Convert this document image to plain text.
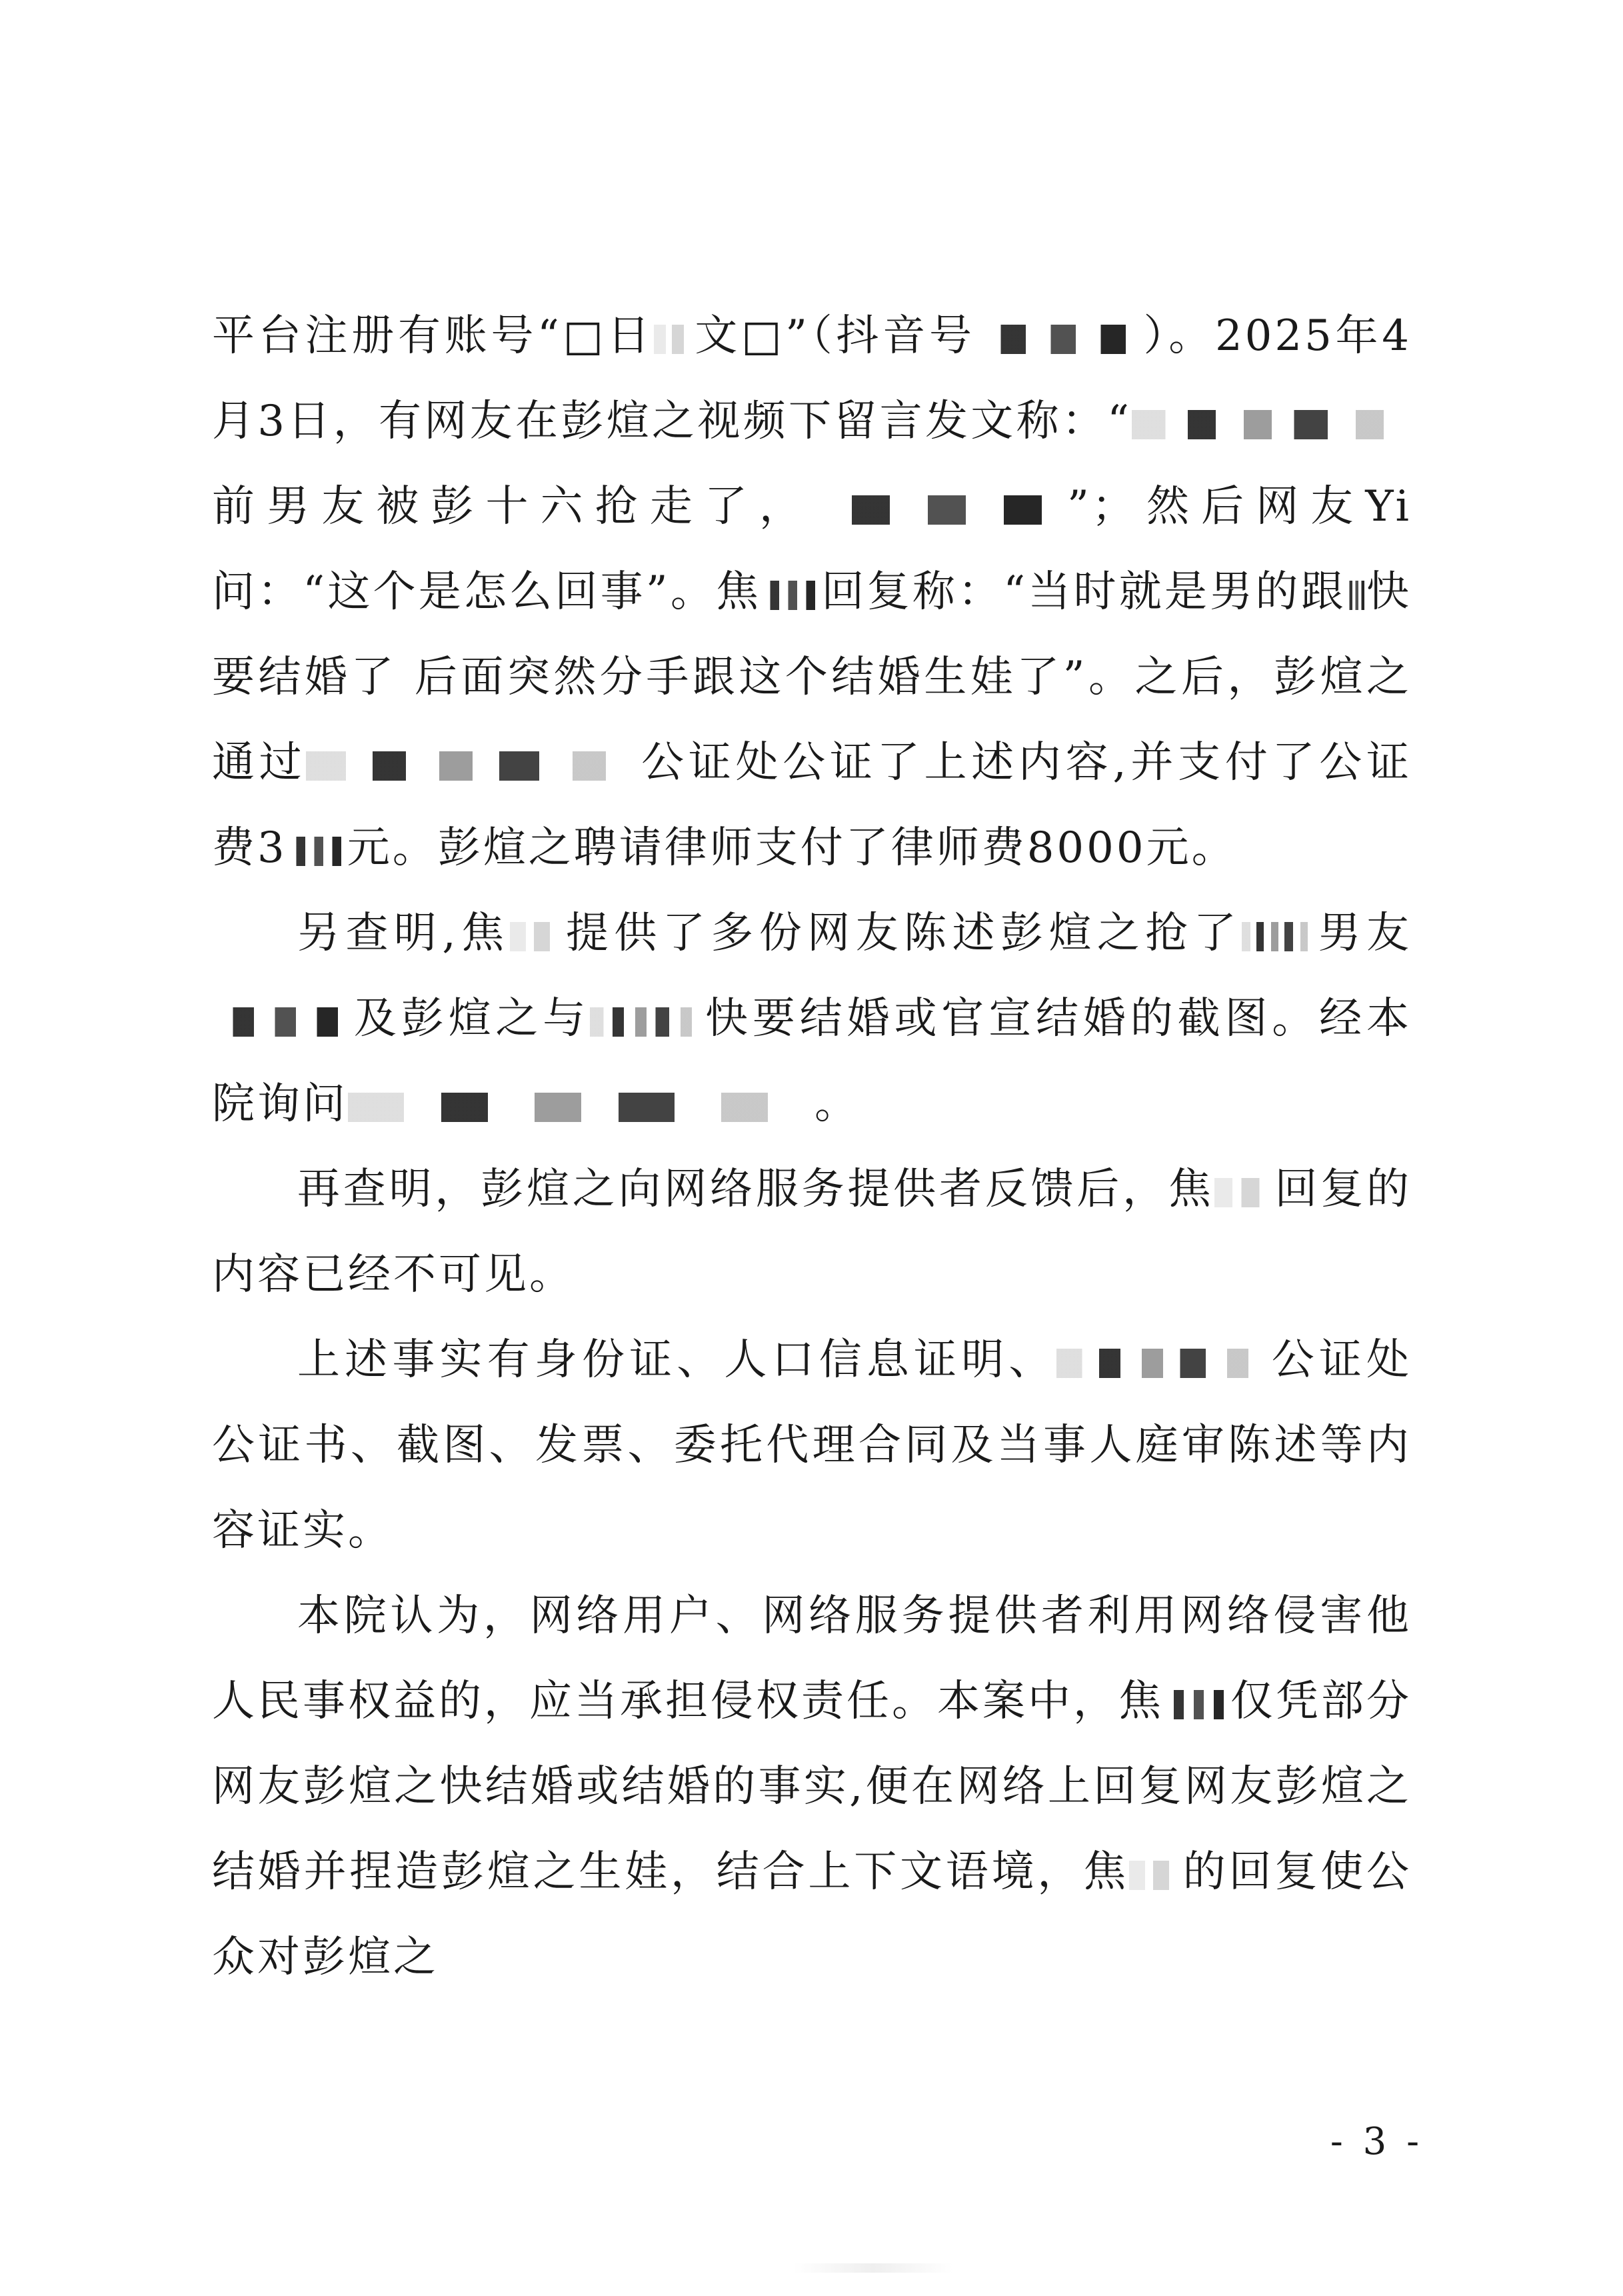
平台注册有账号“□日 文□”（抖音号	）。2025年4月3日，有网友在彭煊之视频下留言发文称：“前男友被彭十六抢走了，	”；然后网友Yi问：“这个是怎么回事”。焦 回复称：“当时就是男的跟 快要结婚了 后面突然分手跟这个结婚生娃了”。之后，彭煊之通过	公证处公证了上述内容,并支付了公证费3 元。彭煊之聘请律师支付了律师费8000元。

另查明,焦 提供了多份网友陈述彭煊之抢了 男友及彭煊之与	快要结婚或官宣结婚的截图。经本院询问	。

再查明，彭煊之向网络服务提供者反馈后，焦 回复的内容已经不可见。

上述事实有身份证、人口信息证明、	公证处公证书、截图、发票、委托代理合同及当事人庭审陈述等内容证实。

本院认为，网络用户、网络服务提供者利用网络侵害他人民事权益的，应当承担侵权责任。本案中，焦 仅凭部分网友彭煊之快结婚或结婚的事实,便在网络上回复网友彭煊之结婚并捏造彭煊之生娃，结合上下文语境，焦 的回复使公众对彭煊之

- 3 -
